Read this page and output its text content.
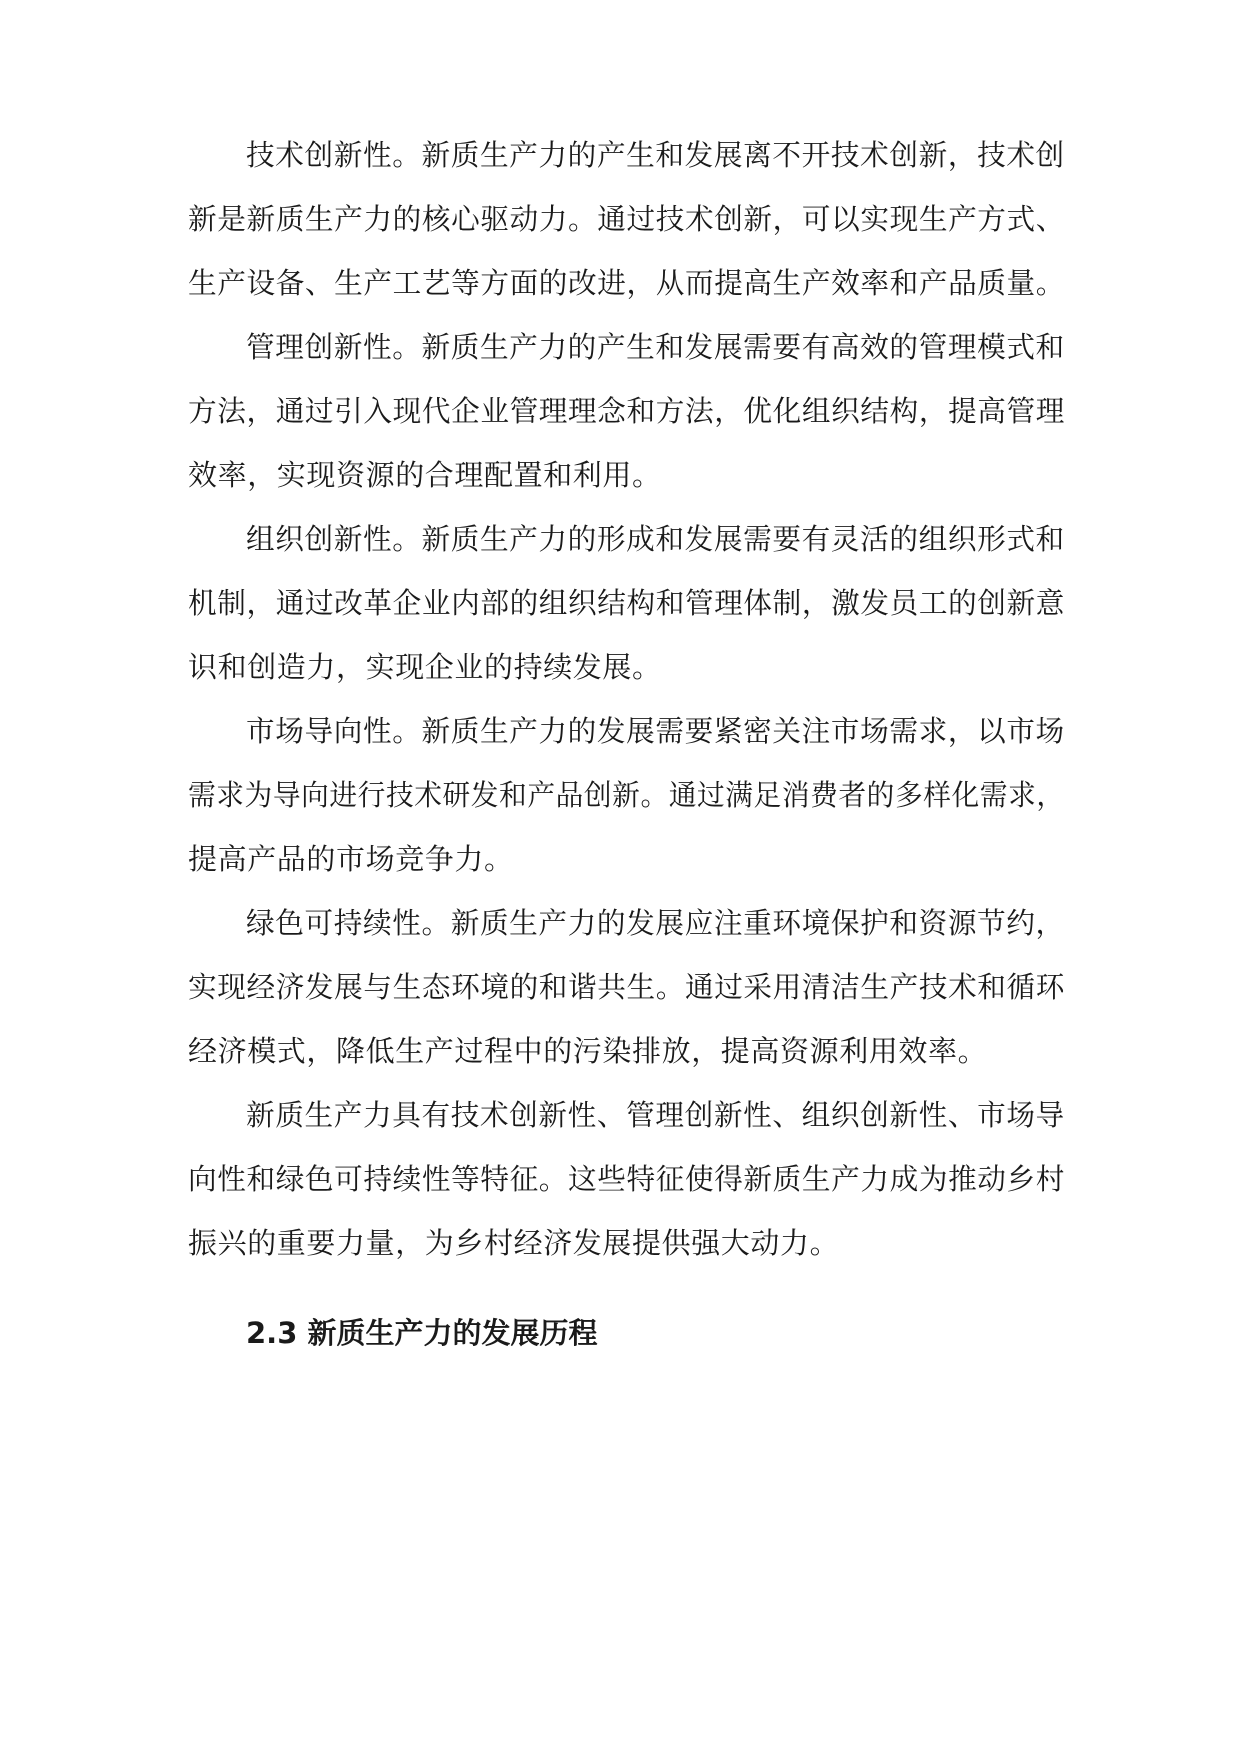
技术创新性。新质生产力的产生和发展离不开技术创新，技术创
新是新质生产力的核心驱动力。通过技术创新，可以实现生产方式、
生产设备、生产工艺等方面的改进，从而提高生产效率和产品质量。
管理创新性。新质生产力的产生和发展需要有高效的管理模式和
方法，通过引入现代企业管理理念和方法，优化组织结构，提高管理
效率，实现资源的合理配置和利用。
组织创新性。新质生产力的形成和发展需要有灵活的组织形式和
机制，通过改革企业内部的组织结构和管理体制，激发员工的创新意
识和创造力，实现企业的持续发展。
市场导向性。新质生产力的发展需要紧密关注市场需求，以市场
需求为导向进行技术研发和产品创新。通过满足消费者的多样化需求，
提高产品的市场竞争力。
绿色可持续性。新质生产力的发展应注重环境保护和资源节约，
实现经济发展与生态环境的和谐共生。通过采用清洁生产技术和循环
经济模式，降低生产过程中的污染排放，提高资源利用效率。
新质生产力具有技术创新性、管理创新性、组织创新性、市场导
向性和绿色可持续性等特征。这些特征使得新质生产力成为推动乡村
振兴的重要力量，为乡村经济发展提供强大动力。
2.3 新质生产力的发展历程
